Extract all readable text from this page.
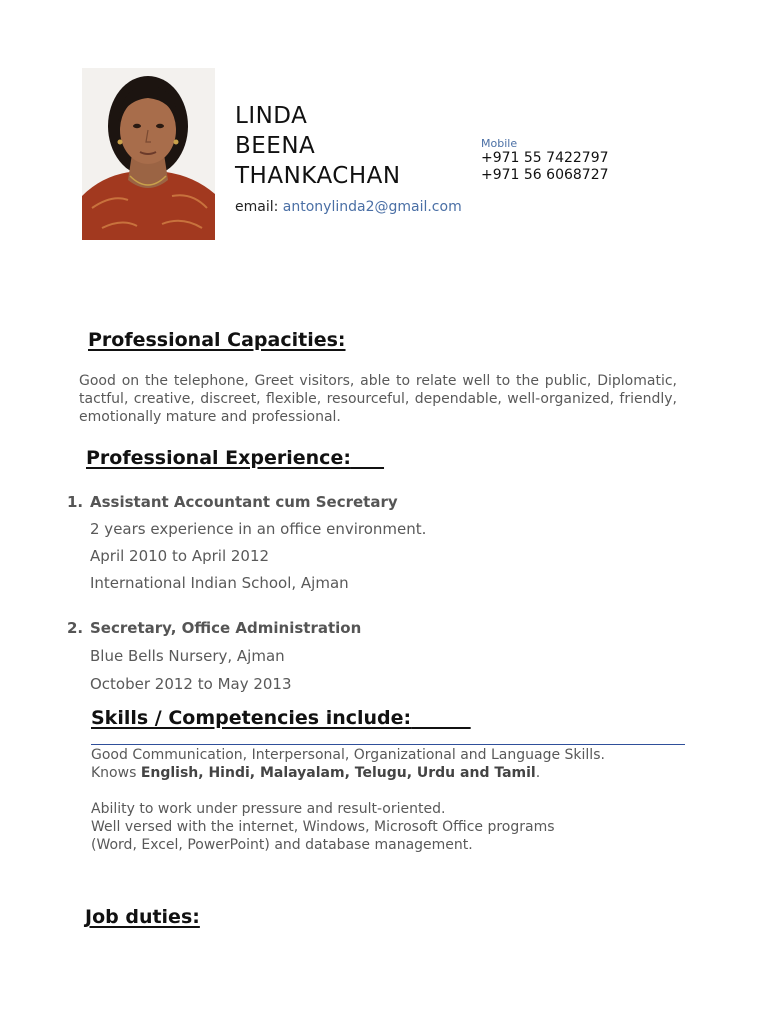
LINDA
BEENA
THANKACHAN
email: antonylinda2@gmail.com
Mobile
+971 55 7422797
+971 56 6068727
Professional Capacities:
Good on the telephone, Greet visitors, able to relate well to the public, Diplomatic, tactful, creative, discreet, flexible, resourceful, dependable, well-organized, friendly, emotionally mature and professional.
Professional Experience:
1. Assistant Accountant cum Secretary
2 years experience in an office environment.
April 2010 to April 2012
International Indian School, Ajman
2. Secretary, Office Administration
Blue Bells Nursery, Ajman
October 2012 to May 2013
Skills / Competencies include:
Good Communication, Interpersonal, Organizational and Language Skills.
Knows English, Hindi, Malayalam, Telugu, Urdu and Tamil.
Ability to work under pressure and result-oriented.
Well versed with the internet, Windows, Microsoft Office programs
(Word, Excel, PowerPoint) and database management.
Job duties:
